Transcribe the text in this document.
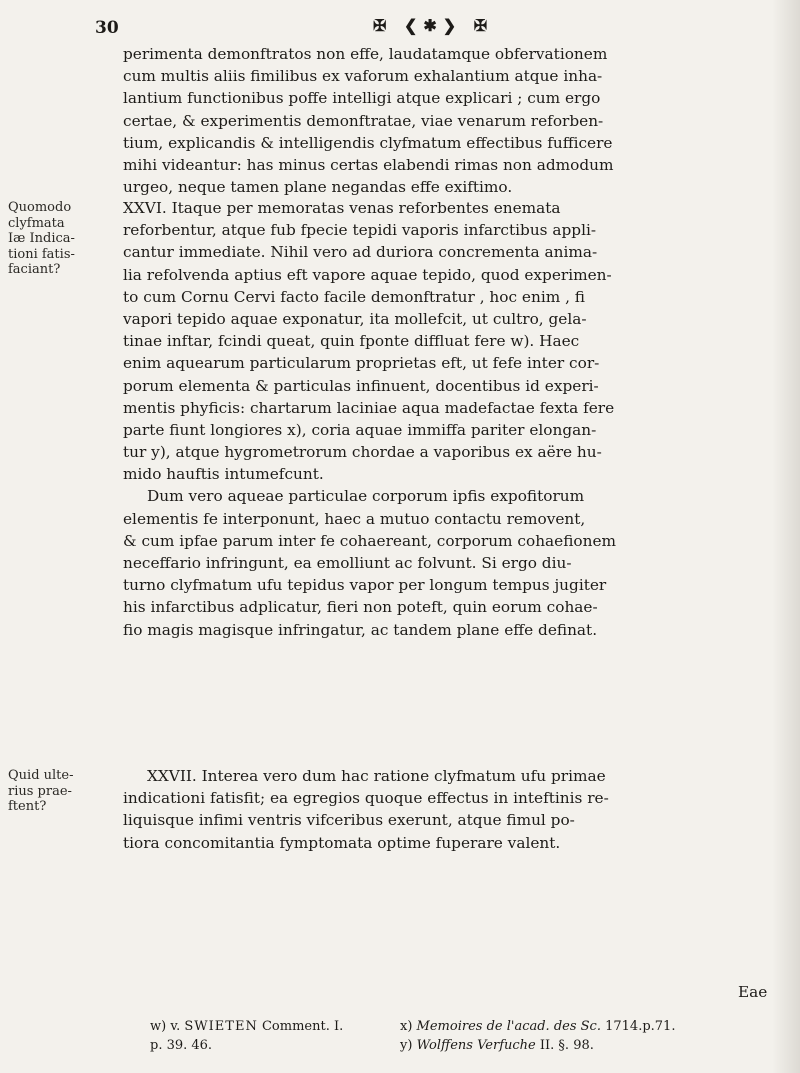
30	✠ ❮✱❯ ✠
perimenta demonftratos non effe, laudatamque obfervationem
cum multis aliis fimilibus ex vaforum exhalantium atque inha-
lantium functionibus poffe intelligi atque explicari ; cum ergo
certae, & experimentis demonftratae, viae venarum reforben-
tium, explicandis & intelligendis clyfmatum effectibus fufficere
mihi videantur: has minus certas elabendi rimas non admodum
urgeo, neque tamen plane negandas effe exiftimo.
Quomodo
clyfmata
Iæ Indica-
tioni fatis-
faciant?
XXVI. Itaque per memoratas venas reforbentes enemata
reforbentur, atque fub fpecie tepidi vaporis infarctibus appli-
cantur immediate. Nihil vero ad duriora concrementa anima-
lia refolvenda aptius eft vapore aquae tepido, quod experimen-
to cum Cornu Cervi facto facile demonftratur , hoc enim , fi
vapori tepido aquae exponatur, ita mollefcit, ut cultro, gela-
tinae inftar, fcindi queat, quin fponte diffluat fere w). Haec
enim aquearum particularum proprietas eft, ut fefe inter cor-
porum elementa & particulas infinuent, docentibus id experi-
mentis phyficis: chartarum laciniae aqua madefactae fexta fere
parte fiunt longiores x), coria aquae immiffa pariter elongan-
tur y), atque hygrometrorum chordae a vaporibus ex aëre hu-
mido hauftis intumefcunt.
Dum vero aqueae particulae corporum ipfis expofitorum
elementis fe interponunt, haec a mutuo contactu removent,
& cum ipfae parum inter fe cohaereant, corporum cohaefionem
neceffario infringunt, ea emolliunt ac folvunt. Si ergo diu-
turno clyfmatum ufu tepidus vapor per longum tempus jugiter
his infarctibus adplicatur, fieri non poteft, quin eorum cohae-
fio magis magisque infringatur, ac tandem plane effe definat.
Quid ulte-
rius prae-
ftent?
XXVII. Interea vero dum hac ratione clyfmatum ufu primae
indicationi fatisfit; ea egregios quoque effectus in inteftinis re-
liquisque infimi ventris vifceribus exerunt, atque fimul po-
tiora concomitantia fymptomata optime fuperare valent.
Eae
w) v. SWIETEN Comment. I.	x) Memoires de l'acad. des Sc. 1714.p.71.
p. 39. 46.	y) Wolffens Verfuche II. §. 98.
